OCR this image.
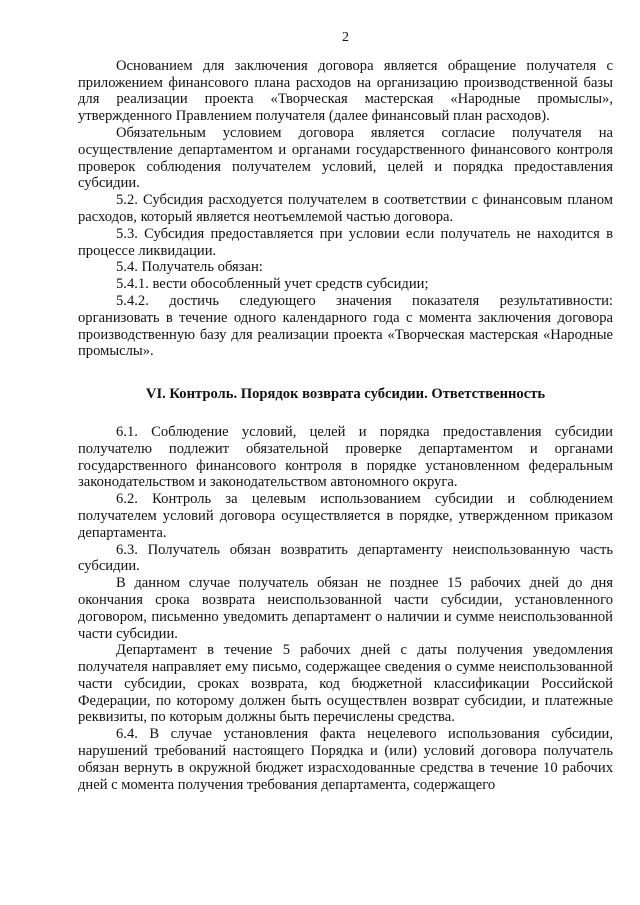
2

Основанием для заключения договора является обращение получателя с приложением финансового плана расходов на организацию производственной базы для реализации проекта «Творческая мастерская «Народные промыслы», утвержденного Правлением получателя (далее финансовый план расходов).

Обязательным условием договора является согласие получателя на осуществление департаментом и органами государственного финансового контроля проверок соблюдения получателем условий, целей и порядка предоставления субсидии.

5.2. Субсидия расходуется получателем в соответствии с финансовым планом расходов, который является неотъемлемой частью договора.

5.3. Субсидия предоставляется при условии если получатель не находится в процессе ликвидации.

5.4. Получатель обязан:

5.4.1. вести обособленный учет средств субсидии;

5.4.2. достичь следующего значения показателя результативности: организовать в течение одного календарного года с момента заключения договора производственную базу для реализации проекта «Творческая мастерская «Народные промыслы».

VI. Контроль. Порядок возврата субсидии. Ответственность

6.1. Соблюдение условий, целей и порядка предоставления субсидии получателю подлежит обязательной проверке департаментом и органами государственного финансового контроля в порядке установленном федеральным законодательством и законодательством автономного округа.

6.2. Контроль за целевым использованием субсидии и соблюдением получателем условий договора осуществляется в порядке, утвержденном приказом департамента.

6.3. Получатель обязан возвратить департаменту неиспользованную часть субсидии.

В данном случае получатель обязан не позднее 15 рабочих дней до дня окончания срока возврата неиспользованной части субсидии, установленного договором, письменно уведомить департамент о наличии и сумме неиспользованной части субсидии.

Департамент в течение 5 рабочих дней с даты получения уведомления получателя направляет ему письмо, содержащее сведения о сумме неиспользованной части субсидии, сроках возврата, код бюджетной классификации Российской Федерации, по которому должен быть осуществлен возврат субсидии, и платежные реквизиты, по которым должны быть перечислены средства.

6.4. В случае установления факта нецелевого использования субсидии, нарушений требований настоящего Порядка и (или) условий договора получатель обязан вернуть в окружной бюджет израсходованные средства в течение 10 рабочих дней с момента получения требования департамента, содержащего
